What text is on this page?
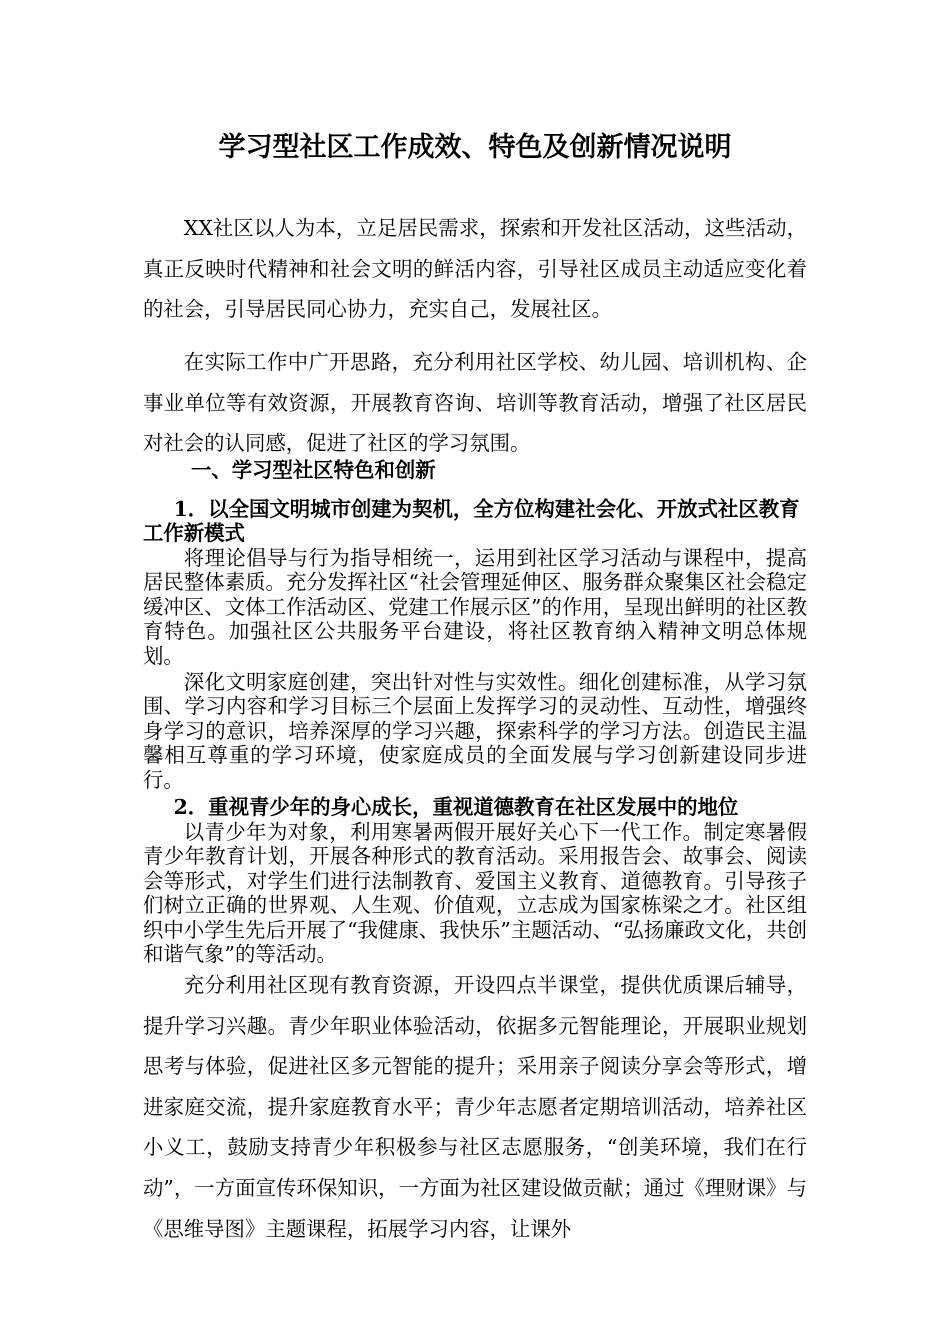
学习型社区工作成效、特色及创新情况说明

XX社区以人为本，立足居民需求，探索和开发社区活动，这些活动，真正反映时代精神和社会文明的鲜活内容，引导社区成员主动适应变化着的社会，引导居民同心协力，充实自己，发展社区。

在实际工作中广开思路，充分利用社区学校、幼儿园、培训机构、企事业单位等有效资源，开展教育咨询、培训等教育活动，增强了社区居民对社会的认同感，促进了社区的学习氛围。

一、学习型社区特色和创新

1．以全国文明城市创建为契机，全方位构建社会化、开放式社区教育工作新模式

将理论倡导与行为指导相统一，运用到社区学习活动与课程中，提高居民整体素质。充分发挥社区“社会管理延伸区、服务群众聚集区社会稳定缓冲区、文体工作活动区、党建工作展示区”的作用，呈现出鲜明的社区教育特色。加强社区公共服务平台建设，将社区教育纳入精神文明总体规划。

深化文明家庭创建，突出针对性与实效性。细化创建标准，从学习氛围、学习内容和学习目标三个层面上发挥学习的灵动性、互动性，增强终身学习的意识，培养深厚的学习兴趣，探索科学的学习方法。创造民主温馨相互尊重的学习环境，使家庭成员的全面发展与学习创新建设同步进行。

2．重视青少年的身心成长，重视道德教育在社区发展中的地位

以青少年为对象，利用寒暑两假开展好关心下一代工作。制定寒暑假青少年教育计划，开展各种形式的教育活动。采用报告会、故事会、阅读会等形式，对学生们进行法制教育、爱国主义教育、道德教育。引导孩子们树立正确的世界观、人生观、价值观，立志成为国家栋梁之才。社区组织中小学生先后开展了“我健康、我快乐”主题活动、“弘扬廉政文化，共创和谐气象”的等活动。

充分利用社区现有教育资源，开设四点半课堂，提供优质课后辅导，提升学习兴趣。青少年职业体验活动，依据多元智能理论，开展职业规划思考与体验，促进社区多元智能的提升；采用亲子阅读分享会等形式，增进家庭交流，提升家庭教育水平；青少年志愿者定期培训活动，培养社区小义工，鼓励支持青少年积极参与社区志愿服务，“创美环境，我们在行动”，一方面宣传环保知识，一方面为社区建设做贡献；通过《理财课》与《思维导图》主题课程，拓展学习内容，让课外
